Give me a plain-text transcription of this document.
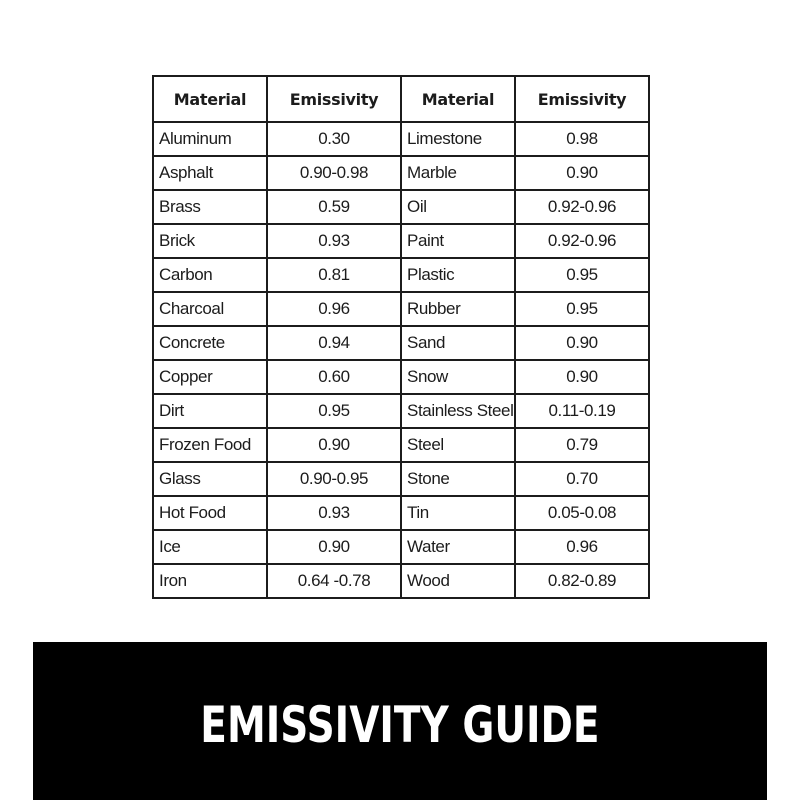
Material	Emissivity	Material	Emissivity
Aluminum	0.30	Limestone	0.98
Asphalt	0.90-0.98	Marble	0.90
Brass	0.59	Oil	0.92-0.96
Brick	0.93	Paint	0.92-0.96
Carbon	0.81	Plastic	0.95
Charcoal	0.96	Rubber	0.95
Concrete	0.94	Sand	0.90
Copper	0.60	Snow	0.90
Dirt	0.95	Stainless Steel	0.11-0.19
Frozen Food	0.90	Steel	0.79
Glass	0.90-0.95	Stone	0.70
Hot Food	0.93	Tin	0.05-0.08
Ice	0.90	Water	0.96
Iron	0.64 -0.78	Wood	0.82-0.89
EMISSIVITY GUIDE
